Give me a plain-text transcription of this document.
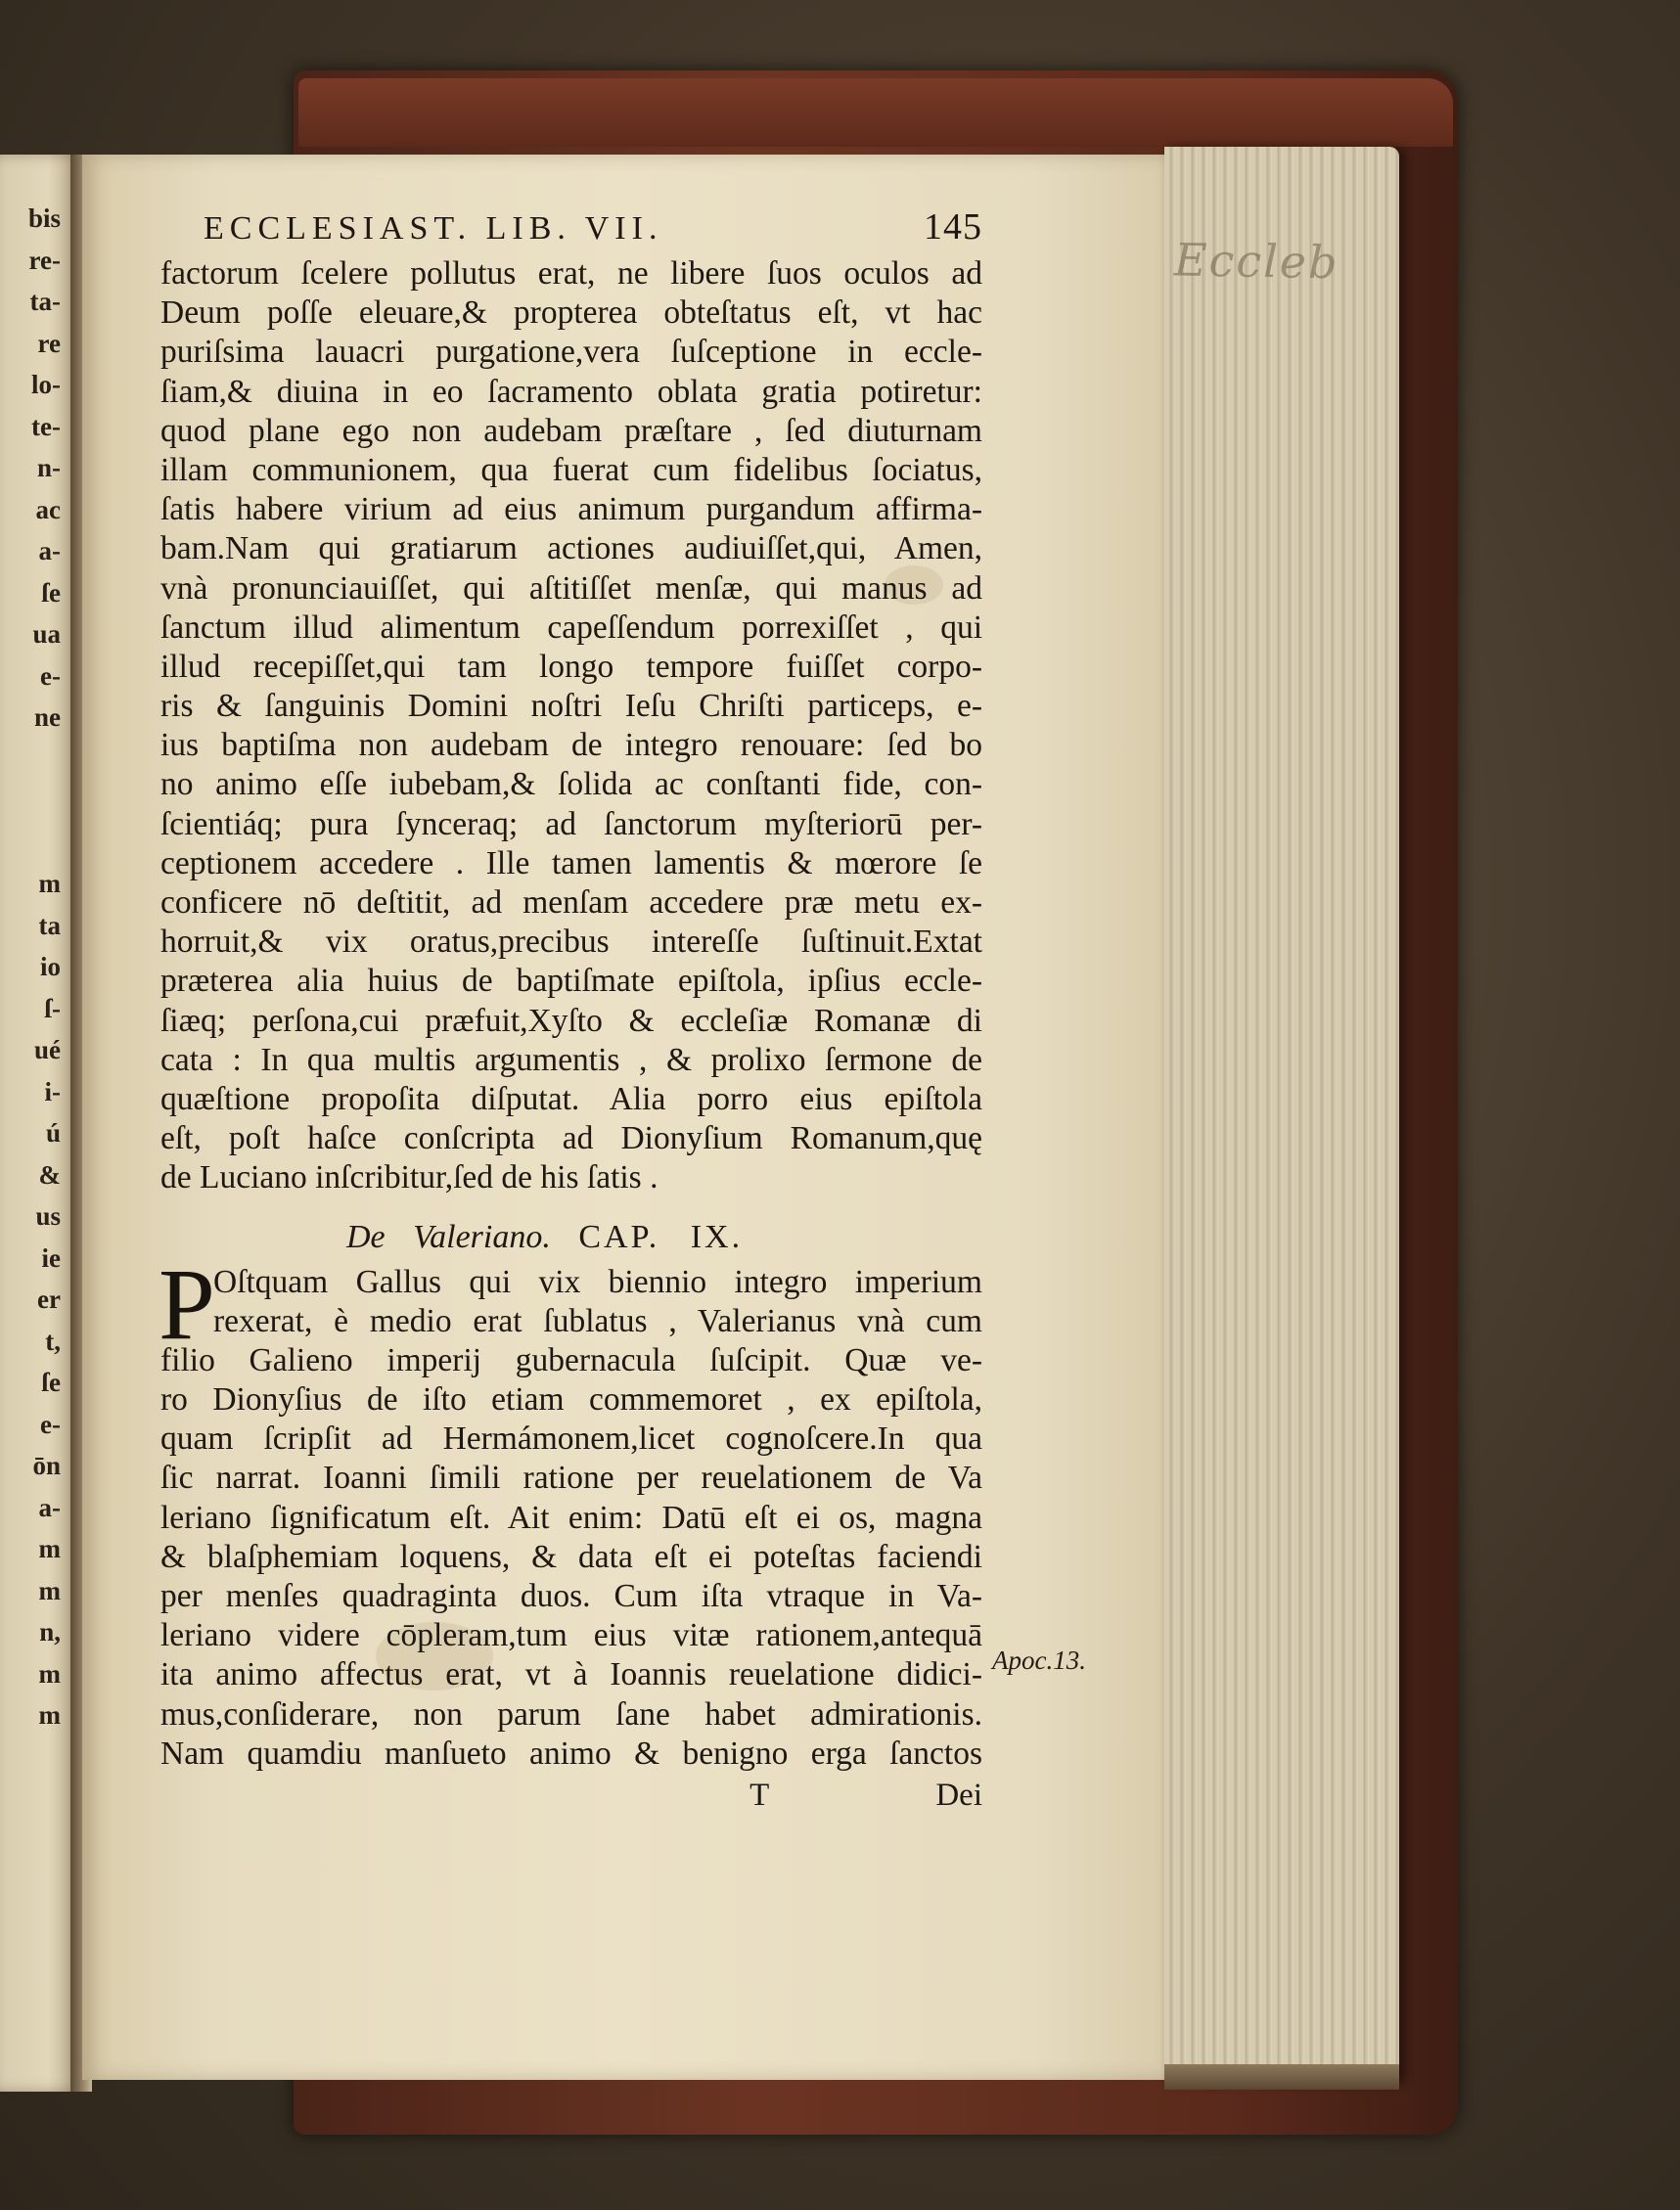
bis
re-
ta-
re
lo-
te-
n-
ac
a-
ſe
ua
e-
ne
m
ta
io
ſ-
ué
i-
ú
&
us
ie
er
t,
ſe
e-
ōn
a-
m
m
n,
m
m
Eccleb
ECCLESIAST. LIB. VII.	145
factorum ſcelere pollutus erat, ne libere ſuos oculos ad
Deum poſſe eleuare,& propterea obteſtatus eſt, vt hac
puriſsima lauacri purgatione,vera ſuſceptione in eccle-
ſiam,& diuina in eo ſacramento oblata gratia potiretur:
quod plane ego non audebam præſtare , ſed diuturnam
illam communionem, qua fuerat cum fidelibus ſociatus,
ſatis habere virium ad eius animum purgandum affirma-
bam.Nam qui gratiarum actiones audiuiſſet,qui, Amen,
vnà pronunciauiſſet, qui aſtitiſſet menſæ, qui manus ad
ſanctum illud alimentum capeſſendum porrexiſſet , qui
illud recepiſſet,qui tam longo tempore fuiſſet corpo-
ris & ſanguinis Domini noſtri Ieſu Chriſti particeps, e-
ius baptiſma non audebam de integro renouare: ſed bo
no animo eſſe iubebam,& ſolida ac conſtanti fide, con-
ſcientiáq; pura ſynceraq; ad ſanctorum myſteriorū per-
ceptionem accedere . Ille tamen lamentis & mœrore ſe
conficere nō deſtitit, ad menſam accedere præ metu ex-
horruit,& vix oratus,precibus intereſſe ſuſtinuit.Extat
præterea alia huius de baptiſmate epiſtola, ipſius eccle-
ſiæq; perſona,cui præfuit,Xyſto & eccleſiæ Romanæ di
cata : In qua multis argumentis , & prolixo ſermone de
quæſtione propoſita diſputat. Alia porro eius epiſtola
eſt, poſt haſce conſcripta ad Dionyſium Romanum,quę
de Luciano inſcribitur,ſed de his ſatis .
De Valeriano. CAP. IX.
P
Oſtquam Gallus qui vix biennio integro imperium
rexerat, è medio erat ſublatus , Valerianus vnà cum
filio Galieno imperij gubernacula ſuſcipit. Quæ ve-
ro Dionyſius de iſto etiam commemoret , ex epiſtola,
quam ſcripſit ad Hermámonem,licet cognoſcere.In qua
ſic narrat. Ioanni ſimili ratione per reuelationem de Va
leriano ſignificatum eſt. Ait enim: Datū eſt ei os, magna
& blaſphemiam loquens, & data eſt ei poteſtas faciendi
per menſes quadraginta duos. Cum iſta vtraque in Va-
leriano videre cōpleram,tum eius vitæ rationem,antequā
ita animo affectus erat, vt à Ioannis reuelatione didici-
mus,conſiderare, non parum ſane habet admirationis.
Nam quamdiu manſueto animo & benigno erga ſanctos
T	Dei
Apoc.13.
